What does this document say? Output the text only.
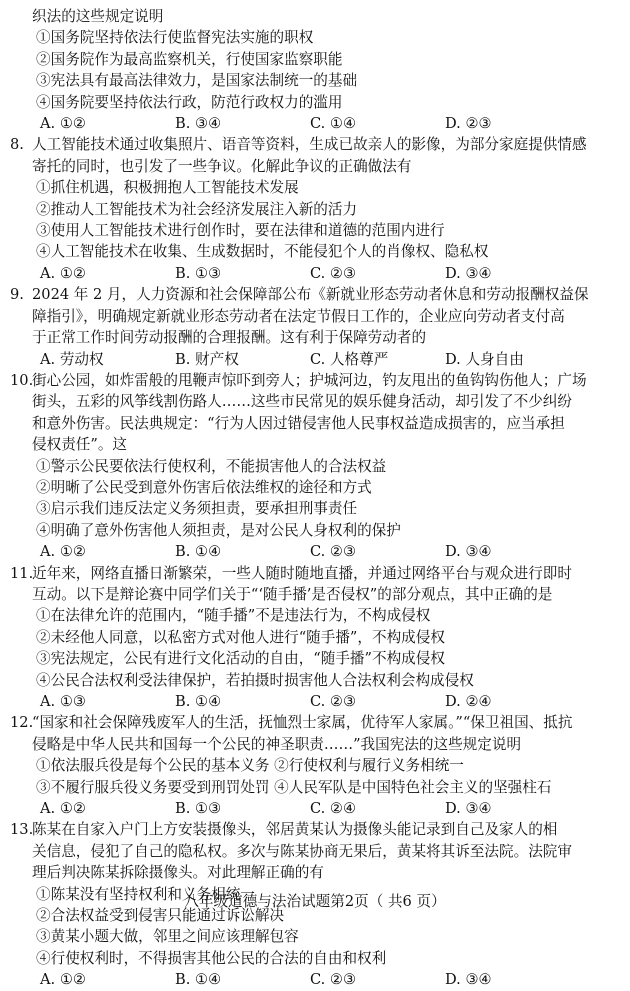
织法的这些规定说明
①国务院坚持依法行使监督宪法实施的职权
②国务院作为最高监察机关，行使国家监察职能
③宪法具有最高法律效力，是国家法制统一的基础
④国务院要坚持依法行政，防范行政权力的滥用
A. ①②	B. ③④	C. ①④	D. ②③
8. 人工智能技术通过收集照片、语音等资料，生成已故亲人的影像，为部分家庭提供情感
寄托的同时，也引发了一些争议。化解此争议的正确做法有
①抓住机遇，积极拥抱人工智能技术发展
②推动人工智能技术为社会经济发展注入新的活力
③使用人工智能技术进行创作时，要在法律和道德的范围内进行
④人工智能技术在收集、生成数据时，不能侵犯个人的肖像权、隐私权
A. ①②	B. ①③	C. ②③	D. ③④
9. 2024 年 2 月，人力资源和社会保障部公布《新就业形态劳动者休息和劳动报酬权益保
障指引》，明确规定新就业形态劳动者在法定节假日工作的，企业应向劳动者支付高
于正常工作时间劳动报酬的合理报酬。这有利于保障劳动者的
A. 劳动权	B. 财产权	C. 人格尊严	D. 人身自由
10.街心公园，如炸雷般的甩鞭声惊吓到旁人；护城河边，钓友甩出的鱼钩钩伤他人；广场
街头，五彩的风筝线割伤路人……这些市民常见的娱乐健身活动，却引发了不少纠纷
和意外伤害。民法典规定：“行为人因过错侵害他人民事权益造成损害的，应当承担
侵权责任”。这
①警示公民要依法行使权利，不能损害他人的合法权益
②明晰了公民受到意外伤害后依法维权的途径和方式
③启示我们违反法定义务须担责，要承担刑事责任
④明确了意外伤害他人须担责，是对公民人身权利的保护
A. ①②	B. ①④	C. ②③	D. ③④
11.近年来，网络直播日渐繁荣，一些人随时随地直播，并通过网络平台与观众进行即时
互动。以下是辩论赛中同学们关于“‘随手播’是否侵权”的部分观点，其中正确的是
①在法律允许的范围内，“随手播”不是违法行为，不构成侵权
②未经他人同意，以私密方式对他人进行“随手播”，不构成侵权
③宪法规定，公民有进行文化活动的自由，“随手播”不构成侵权
④公民合法权利受法律保护，若拍摄时损害他人合法权利会构成侵权
A. ①③	B. ①④	C. ②③	D. ②④
12.“国家和社会保障残废军人的生活，抚恤烈士家属，优待军人家属。”“保卫祖国、抵抗
侵略是中华人民共和国每一个公民的神圣职责……”我国宪法的这些规定说明
①依法服兵役是每个公民的基本义务 ②行使权利与履行义务相统一
③不履行服兵役义务要受到刑罚处罚 ④人民军队是中国特色社会主义的坚强柱石
A. ①②	B. ①③	C. ②④	D. ③④
13.陈某在自家入户门上方安装摄像头，邻居黄某认为摄像头能记录到自己及家人的相
关信息，侵犯了自己的隐私权。多次与陈某协商无果后，黄某将其诉至法院。法院审
理后判决陈某拆除摄像头。对此理解正确的有
①陈某没有坚持权利和义务相统一
②合法权益受到侵害只能通过诉讼解决
③黄某小题大做，邻里之间应该理解包容
④行使权利时，不得损害其他公民的合法的自由和权利
A. ①②	B. ①④	C. ②③	D. ③④
八年级道德与法治试题第2页（ 共6 页）
